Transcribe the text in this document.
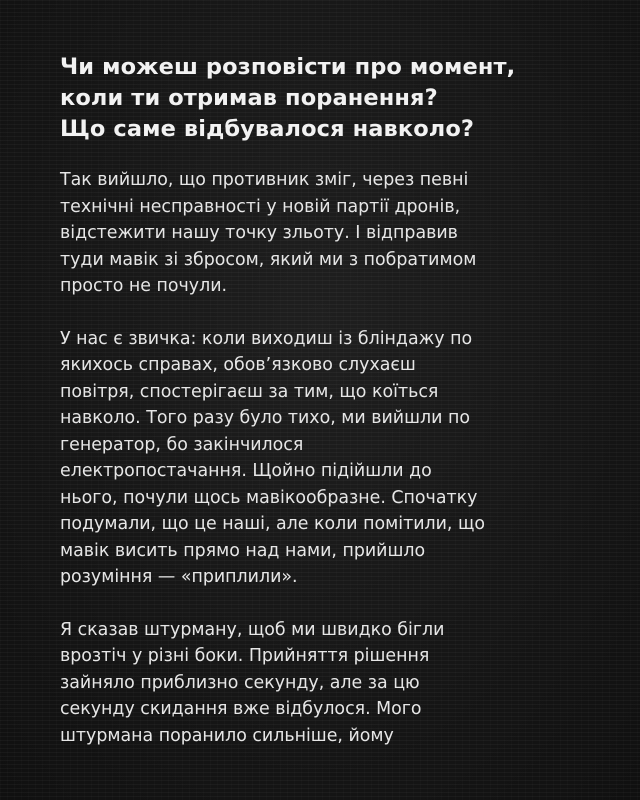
Чи можеш розповісти про момент,
коли ти отримав поранення?
Що саме відбувалося навколо?

Так вийшло, що противник зміг, через певні
технічні несправності у новій партії дронів,
відстежити нашу точку зльоту. І відправив
туди мавік зі збросом, який ми з побратимом
просто не почули.

У нас є звичка: коли виходиш із бліндажу по
якихось справах, обов’язково слухаєш
повітря, спостерігаєш за тим, що коїться
навколо. Того разу було тихо, ми вийшли по
генератор, бо закінчилося
електропостачання. Щойно підійшли до
нього, почули щось мавікообразне. Спочатку
подумали, що це наші, але коли помітили, що
мавік висить прямо над нами, прийшло
розуміння — «приплили».

Я сказав штурману, щоб ми швидко бігли
врозтіч у різні боки. Прийняття рішення
зайняло приблизно секунду, але за цю
секунду скидання вже відбулося. Мого
штурмана поранило сильніше, йому
